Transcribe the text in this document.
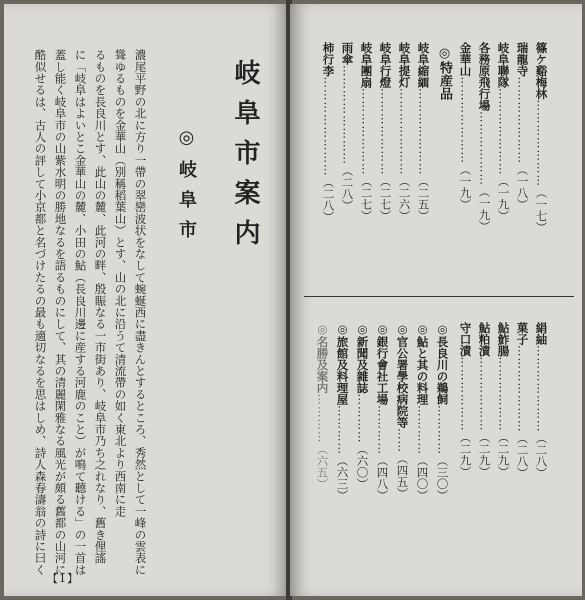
岐阜市案内
◎岐阜市
濃尾平野の北に方り一帶の翠巒波状をなして蜿蜒西に盡きんとするところ、秀然として一峰の雲表に
聳ゆるものを金華山（別稱稻葉山）とす、山の北に沿うて清流帶の如く東北より西南に走
るものを長良川とす、此山の麓、此河の畔、殷賑なる一市街あり、岐阜市乃ち之れなり、舊き俚謠
に「岐阜はよいとこ金華山の麓、小田の鮎（長良川邊に産する河鹿のこと）が鳴て聽ける」の一首は
蓋し能く岐阜市の山紫水明の勝地なるを語るものにして、其の清麗閑雅なる風光が頗る舊都の山河に
酷似せるは、古人の評して小京都と名づけたるの最も適切なるを思はしめ、詩人森春濤翁の詩に曰く
【1】
篠ケ谿梅林…………………（一七）
瑞龍寺…………………（一八）
岐阜聯隊…………………（一九）
各務原飛行場………………（一九）
金華山…………………（一九）
◎特産品
岐阜縮緬…………………（二五）
岐阜提灯…………………（二六）
岐阜行燈…………………（二七）
岐阜團扇…………………（二七）
雨傘……………………（二八）
柿行李……………………（二八）
絹紬…………………（二八）
菓子…………………（二八）
鮎鮓腸………………（二九）
鮎粕漬………………（二九）
守口漬………………（二九）
◎長良川の鵜飼…………（三〇）
◎鮎と其の料理…………（四〇）
◎官公署學校病院等……（四五）
◎銀行會社工場…………（四八）
◎新聞及雜誌…………（六〇）
◎旅館及料理屋…………（六三）
◎名勝及案内…………（六五）
